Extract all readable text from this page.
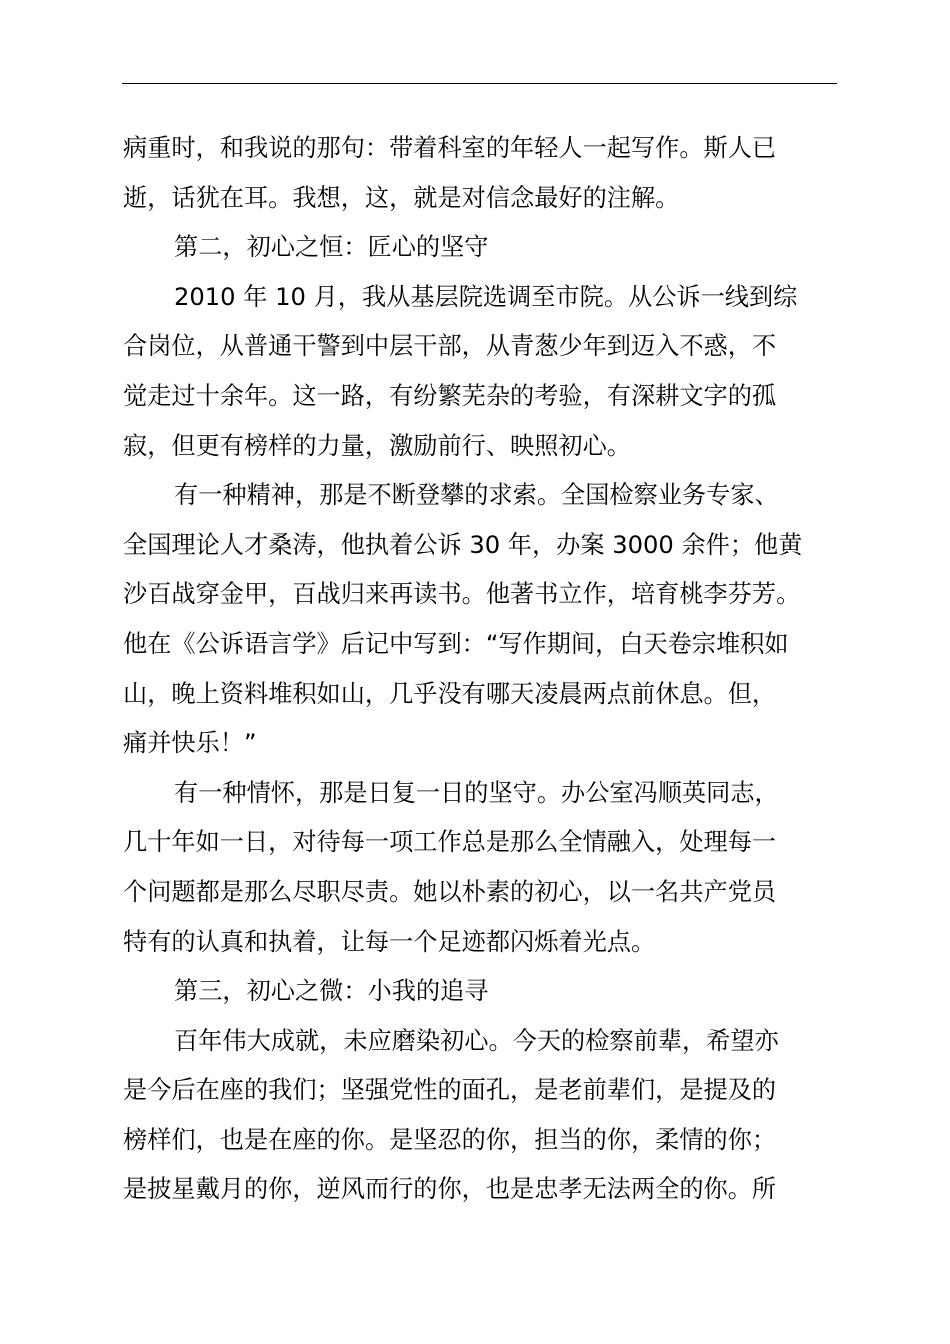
病重时，和我说的那句：带着科室的年轻人一起写作。斯人已
逝，话犹在耳。我想，这，就是对信念最好的注解。
第二，初心之恒：匠心的坚守
2010 年 10 月，我从基层院选调至市院。从公诉一线到综
合岗位，从普通干警到中层干部，从青葱少年到迈入不惑，不
觉走过十余年。这一路，有纷繁芜杂的考验，有深耕文字的孤
寂，但更有榜样的力量，激励前行、映照初心。
有一种精神，那是不断登攀的求索。全国检察业务专家、
全国理论人才桑涛，他执着公诉 30 年，办案 3000 余件；他黄
沙百战穿金甲，百战归来再读书。他著书立作，培育桃李芬芳。
他在《公诉语言学》后记中写到：“写作期间，白天卷宗堆积如
山，晚上资料堆积如山，几乎没有哪天凌晨两点前休息。但，
痛并快乐！”
有一种情怀，那是日复一日的坚守。办公室冯顺英同志，
几十年如一日，对待每一项工作总是那么全情融入，处理每一
个问题都是那么尽职尽责。她以朴素的初心，以一名共产党员
特有的认真和执着，让每一个足迹都闪烁着光点。
第三，初心之微：小我的追寻
百年伟大成就，未应磨染初心。今天的检察前辈，希望亦
是今后在座的我们；坚强党性的面孔，是老前辈们，是提及的
榜样们，也是在座的你。是坚忍的你，担当的你，柔情的你；
是披星戴月的你，逆风而行的你，也是忠孝无法两全的你。所
